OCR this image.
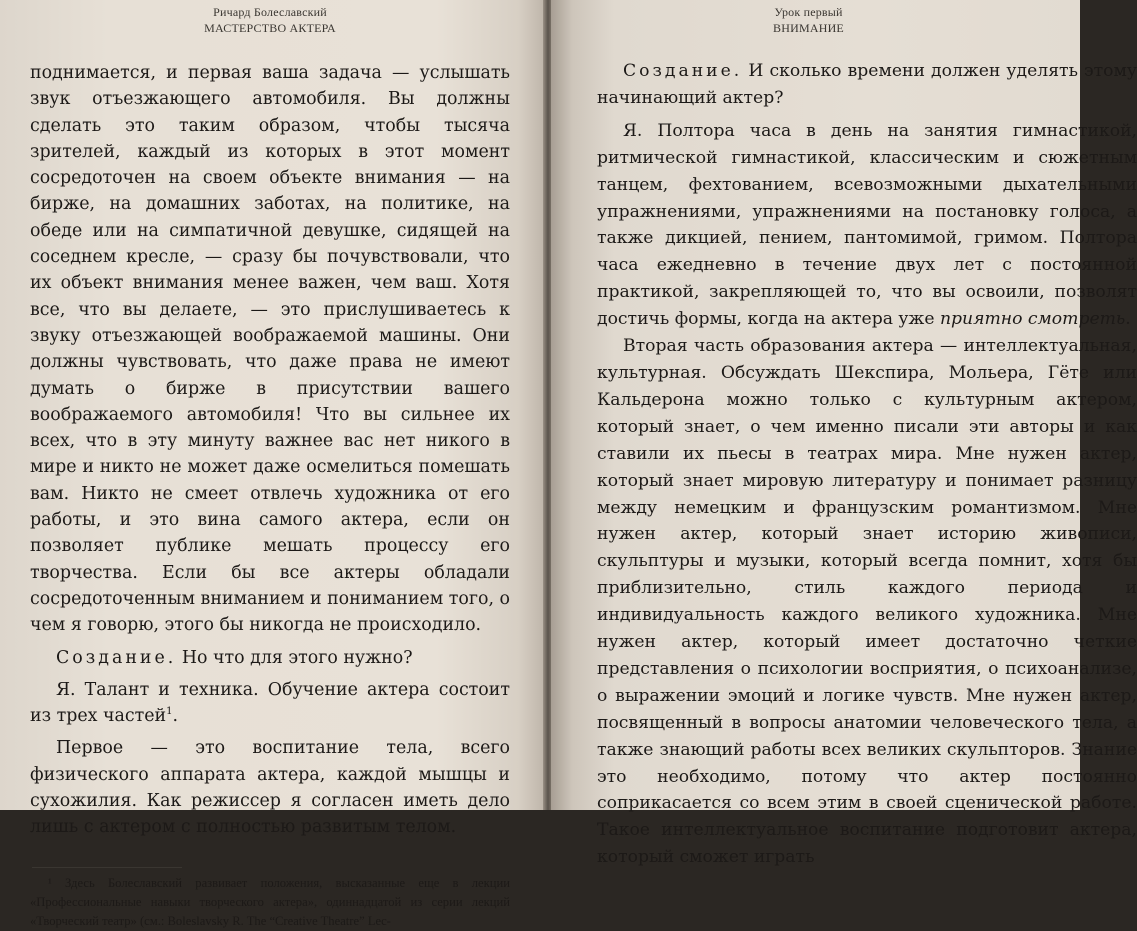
Ричард Болеславский
МАСТЕРСТВО АКТЕРА

поднимается, и первая ваша задача — услышать звук отъезжающего автомобиля. Вы должны сделать это таким образом, чтобы тысяча зрителей, каждый из которых в этот момент сосредоточен на своем объекте внимания — на бирже, на домашних заботах, на политике, на обеде или на симпатичной девушке, сидящей на соседнем кресле, — сразу бы почувствовали, что их объект внимания менее важен, чем ваш. Хотя все, что вы делаете, — это прислушиваетесь к звуку отъезжающей воображаемой машины. Они должны чувствовать, что даже права не имеют думать о бирже в присутствии вашего воображаемого автомобиля! Что вы сильнее их всех, что в эту минуту важнее вас нет никого в мире и никто не может даже осмелиться помешать вам. Никто не смеет отвлечь художника от его работы, и это вина самого актера, если он позволяет публике мешать процессу его творчества. Если бы все актеры обладали сосредоточенным вниманием и пониманием того, о чем я говорю, этого бы никогда не происходило.

Создание. Но что для этого нужно?

Я. Талант и техника. Обучение актера состоит из трех частей$^1$.

Первое — это воспитание тела, всего физического аппарата актера, каждой мышцы и сухожилия. Как режиссер я согласен иметь дело лишь с актером с полностью развитым телом.

¹ Здесь Болеславский развивает положения, высказанные еще в лекции «Профессиональные навыки творческого актера», одиннадцатой из серии лекций «Творческий театр» (см.: Boleslavsky R. The “Creative Theatre” Lec-

Урок первый
ВНИМАНИЕ

Создание. И сколько времени должен уделять этому начинающий актер?

Я. Полтора часа в день на занятия гимнастикой, ритмической гимнастикой, классическим и сюжетным танцем, фехтованием, всевозможными дыхательными упражнениями, упражнениями на постановку голоса, а также дикцией, пением, пантомимой, гримом. Полтора часа ежедневно в течение двух лет с постоянной практикой, закрепляющей то, что вы освоили, позволят достичь формы, когда на актера уже приятно смотреть.

Вторая часть образования актера — интеллектуальная, культурная. Обсуждать Шекспира, Мольера, Гёте или Кальдерона можно только с культурным актером, который знает, о чем именно писали эти авторы и как ставили их пьесы в театрах мира. Мне нужен актер, который знает мировую литературу и понимает разницу между немецким и французским романтизмом. Мне нужен актер, который знает историю живописи, скульптуры и музыки, который всегда помнит, хотя бы приблизительно, стиль каждого периода и индивидуальность каждого великого художника. Мне нужен актер, который имеет достаточно четкие представления о психологии восприятия, о психоанализе, о выражении эмоций и логике чувств. Мне нужен актер, посвященный в вопросы анатомии человеческого тела, а также знающий работы всех великих скульпторов. Знание это необходимо, потому что актер постоянно соприкасается со всем этим в своей сценической работе. Такое интеллектуальное воспитание подготовит актера, который сможет играть
